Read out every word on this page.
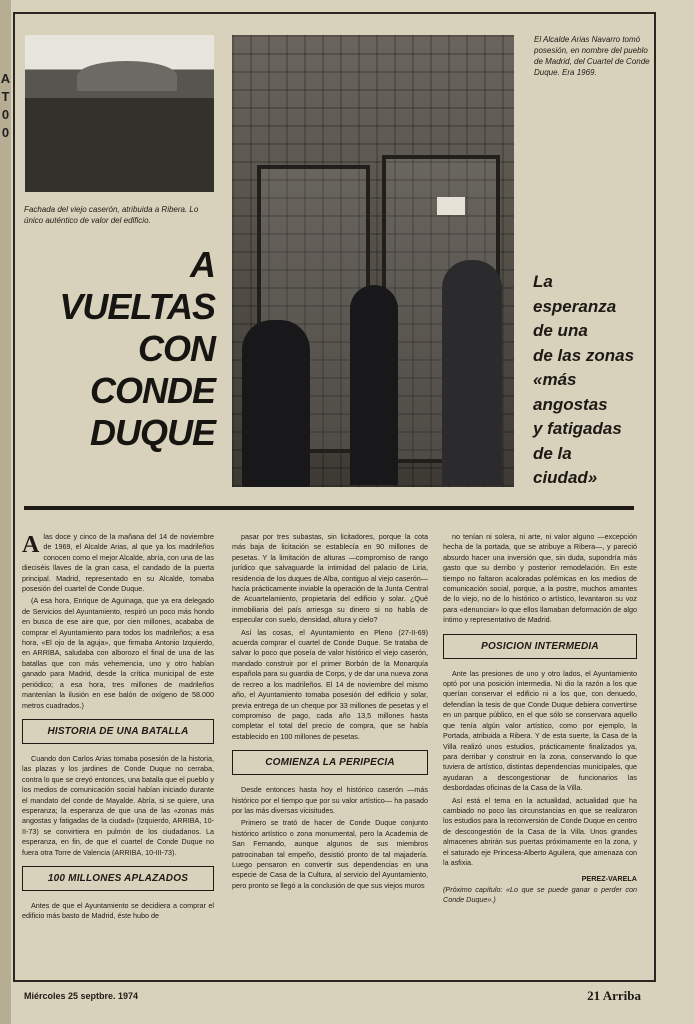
A
T
0
0
Fachada del viejo caserón, atribuida a Ribera. Lo único auténtico de valor del edificio.
El Alcalde Arias Navarro tomó posesión, en nombre del pueblo de Madrid, del Cuartel de Conde Duque. Era 1969.
A
VUELTAS
CON
CONDE
DUQUE
La
esperanza
de una
de las zonas
«más
angostas
y fatigadas
de la
ciudad»

Alas doce y cinco de la mañana del 14 de noviembre de 1969, el Alcalde Arias, al que ya los madrileños conocen como el mejor Alcalde, abría, con una de las dieciséis llaves de la gran casa, el candado de la puerta principal. Madrid, representado en su Alcalde, tomaba posesión del cuartel de Conde Duque.

(A esa hora, Enrique de Aguinaga, que ya era delegado de Servicios del Ayuntamiento, respiró un poco más hondo en busca de ese aire que, por cien millones, acababa de comprar el Ayuntamiento para todos los madrileños; a esa hora, «El ojo de la aguja», que firmaba Antonio Izquierdo, en ARRIBA, saludaba con alborozo el final de una de las batallas que con más vehemencia, uno y otro habían ganado para Madrid, desde la crítica municipal de este periódico; a esa hora, tres millones de madrileños mantenían la ilusión en ese balón de oxígeno de 58.000 metros cuadrados.)

HISTORIA DE UNA BATALLA

Cuando don Carlos Arias tomaba posesión de la historia, las plazas y los jardines de Conde Duque no cerraba, contra lo que se creyó entonces, una batalla que el pueblo y los medios de comunicación social habían iniciado durante el mandato del conde de Mayalde. Abría, si se quiere, una esperanza; la esperanza de que una de las «zonas más angostas y fatigadas de la ciudad» (Izquierdo, ARRIBA, 10-II-73) se convirtiera en pulmón de los ciudadanos. La esperanza, en fin, de que el cuartel de Conde Duque no fuera otra Torre de Valencia (ARRIBA, 10-III-73).

100 MILLONES APLAZADOS

Antes de que el Ayuntamiento se decidiera a comprar el edificio más basto de Madrid, éste hubo de

pasar por tres subastas, sin licitadores, porque la cota más baja de licitación se establecía en 90 millones de pesetas. Y la limitación de alturas —compromiso de rango jurídico que salvaguarde la intimidad del palacio de Liria, residencia de los duques de Alba, contiguo al viejo caserón— hacía prácticamente inviable la operación de la Junta Central de Acuartelamiento, propietaria del edificio y solar. ¿Qué inmobiliaria del país arriesga su dinero si no habla de especular con suelo, densidad, altura y cielo?

Así las cosas, el Ayuntamiento en Pleno (27-II-69) acuerda comprar el cuartel de Conde Duque. Se trataba de salvar lo poco que poseía de valor histórico el viejo caserón, mandado construir por el primer Borbón de la Monarquía española para su guardia de Corps, y de dar una nueva zona de recreo a los madrileños. El 14 de noviembre del mismo año, el Ayuntamiento tomaba posesión del edificio y solar, previa entrega de un cheque por 33 millones de pesetas y el compromiso de pago, cada año 13,5 millones hasta completar el total del precio de compra, que se había establecido en 100 millones de pesetas.

COMIENZA LA PERIPECIA

Desde entonces hasta hoy el histórico caserón —más histórico por el tiempo que por su valor artístico— ha pasado por las más diversas vicisitudes.

Primero se trató de hacer de Conde Duque conjunto histórico artístico o zona monumental, pero la Academia de San Fernando, aunque algunos de sus miembros patrocinaban tal empeño, desistió pronto de tal majadería. Luego pensaron en convertir sus dependencias en una especie de Casa de la Cultura, al servicio del Ayuntamiento, pero pronto se llegó a la conclusión de que sus viejos muros

no tenían ni solera, ni arte, ni valor alguno —excepción hecha de la portada, que se atribuye a Ribera—, y pareció absurdo hacer una inversión que, sin duda, supondría más gasto que su derribo y posterior remodelación. En este tiempo no faltaron acaloradas polémicas en los medios de comunicación social, porque, a la postre, muchos amantes de lo viejo, no de lo histórico o artístico, levantaron su voz para «denunciar» lo que ellos llamaban deformación de algo íntimo y representativo de Madrid.

POSICION INTERMEDIA

Ante las presiones de uno y otro lados, el Ayuntamiento optó por una posición intermedia. Ni dio la razón a los que querían conservar el edificio ni a los que, con denuedo, defendían la tesis de que Conde Duque debiera convertirse en un parque público, en el que sólo se conservara aquello que tenía algún valor artístico, como por ejemplo, la Portada, atribuida a Ribera. Y de esta suerte, la Casa de la Villa realizó unos estudios, prácticamente finalizados ya, para derribar y construir en la zona, conservando lo que tuviera de artístico, distintas dependencias municipales, que ayudaran a descongestionar de funcionarios las desbordadas oficinas de la Casa de la Villa.

Así está el tema en la actualidad, actualidad que ha cambiado no poco las circunstancias en que se realizaron los estudios para la reconversión de Conde Duque en centro de descongestión de la Casa de la Villa. Unos grandes almacenes abrirán sus puertas próximamente en la zona, y el saturado eje Princesa-Alberto Aguilera, que amenaza con la asfixia.

PEREZ-VARELA

(Próximo capítulo: «Lo que se puede ganar o perder con Conde Duque».)

Miércoles 25 septbre. 1974	21 Arriba
